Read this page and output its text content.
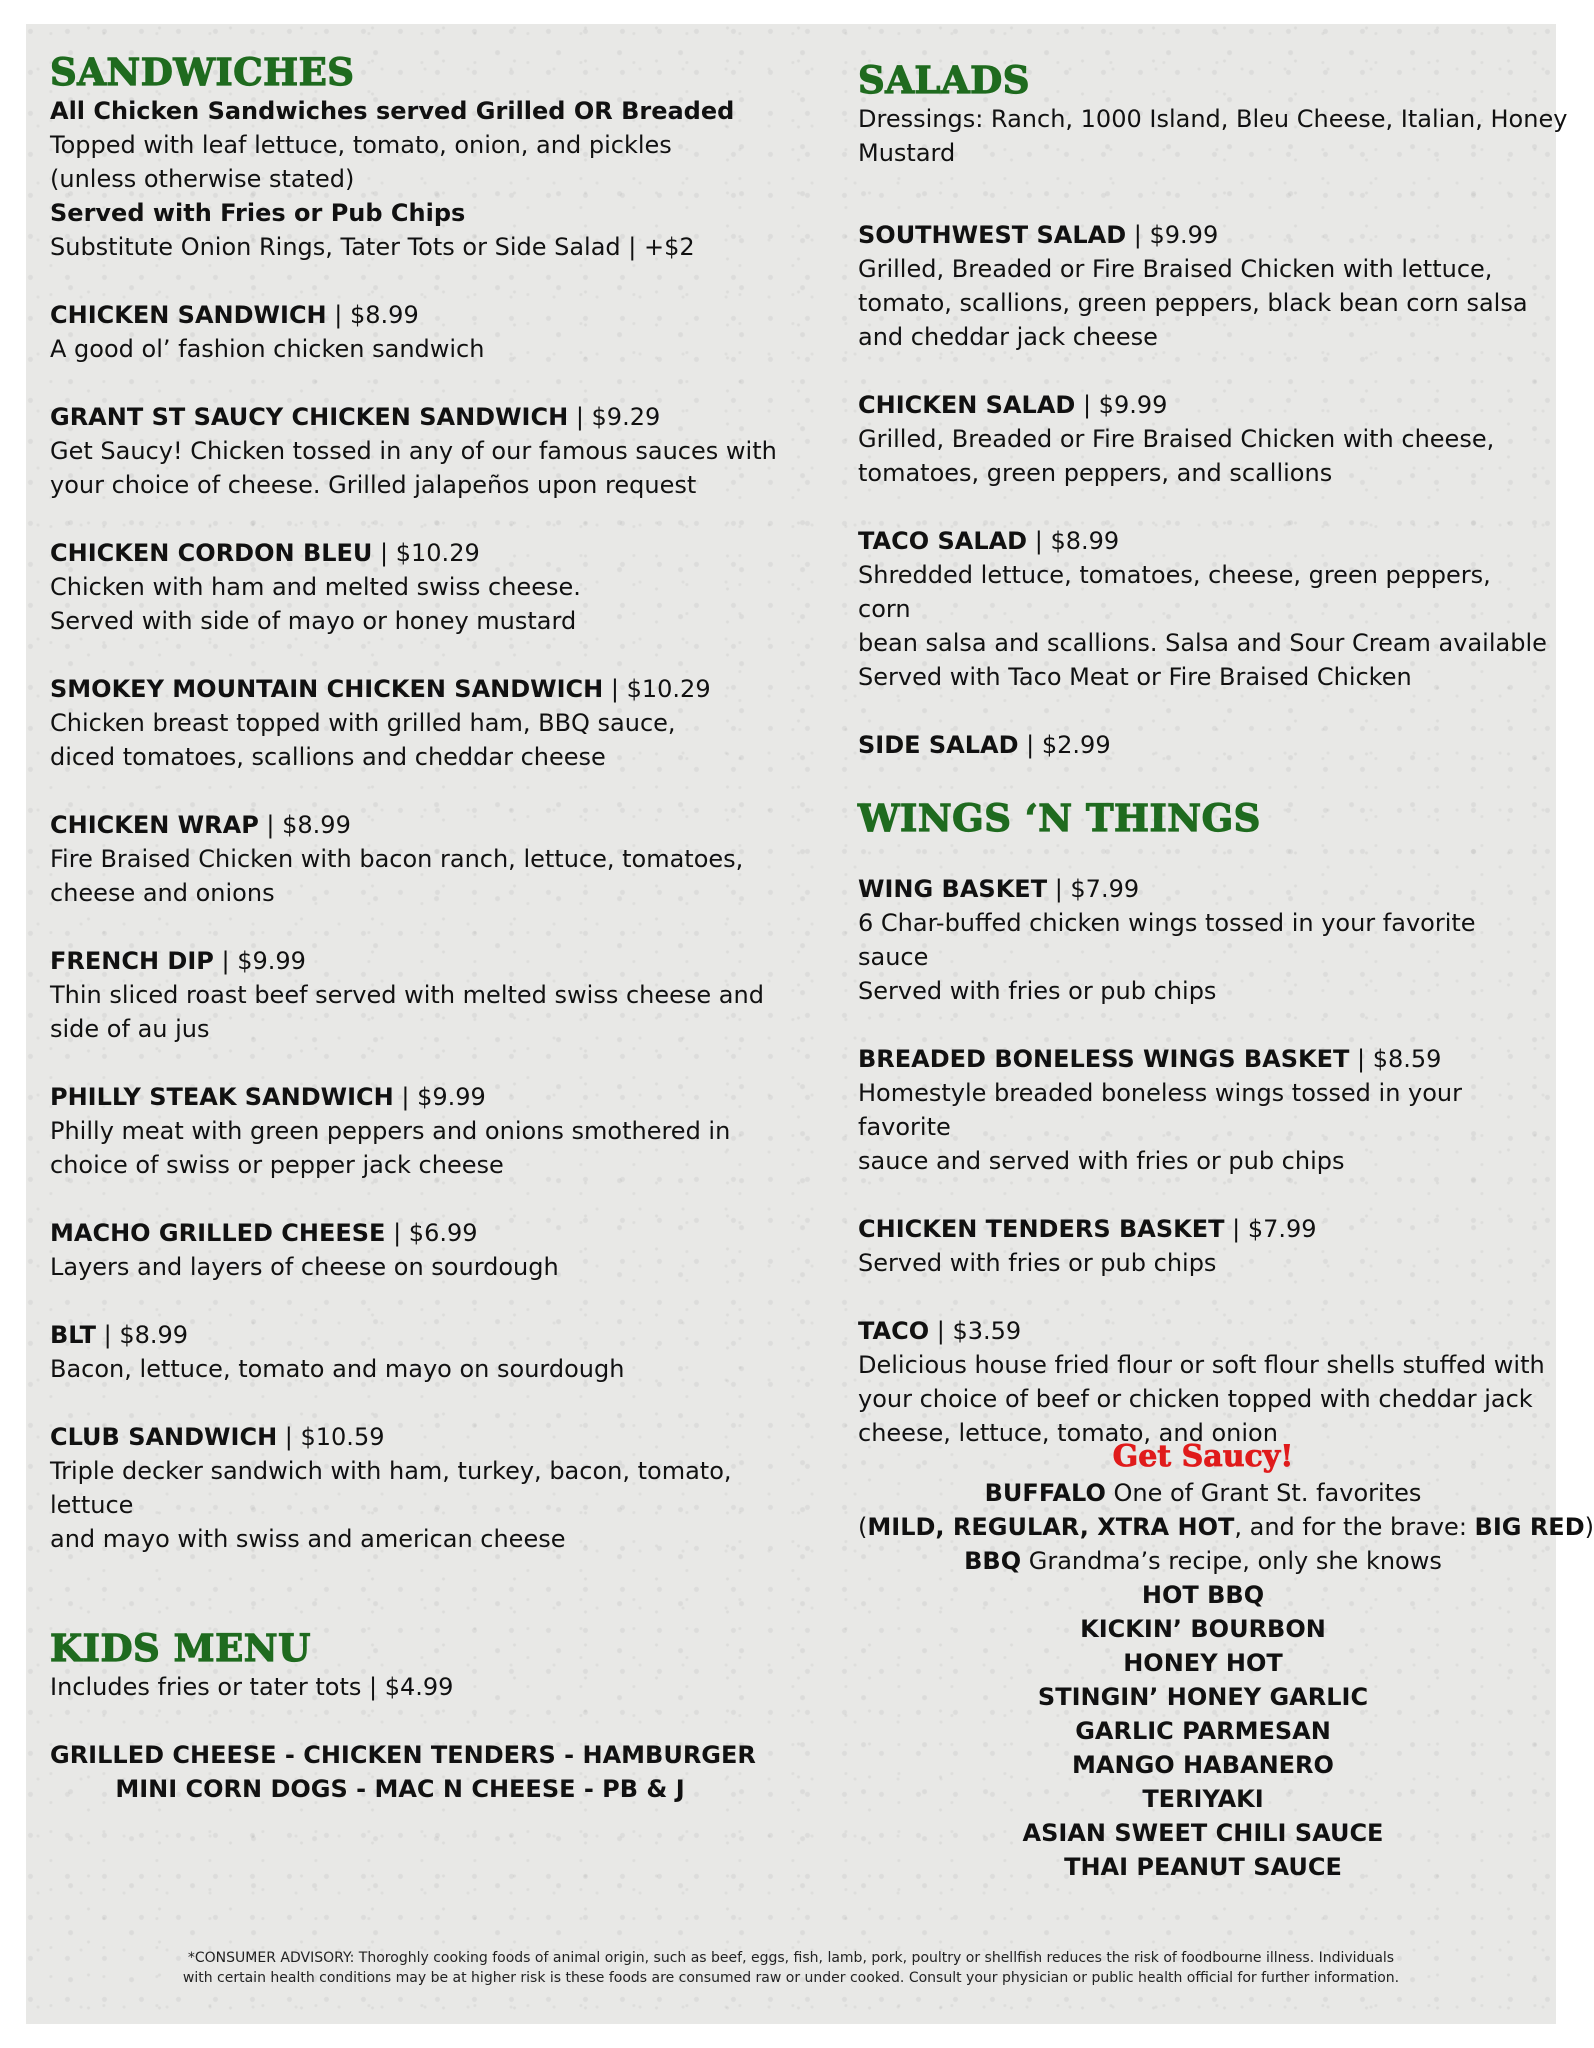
SANDWICHES

All Chicken Sandwiches served Grilled OR Breaded

Topped with leaf lettuce, tomato, onion, and pickles

(unless otherwise stated)

Served with Fries or Pub Chips

Substitute Onion Rings, Tater Tots or Side Salad | +$2

CHICKEN SANDWICH | $8.99

A good ol’ fashion chicken sandwich

GRANT ST SAUCY CHICKEN SANDWICH | $9.29

Get Saucy! Chicken tossed in any of our famous sauces with

your choice of cheese. Grilled jalapeños upon request

CHICKEN CORDON BLEU | $10.29

Chicken with ham and melted swiss cheese.

Served with side of mayo or honey mustard

SMOKEY MOUNTAIN CHICKEN SANDWICH | $10.29

Chicken breast topped with grilled ham, BBQ sauce,

diced tomatoes, scallions and cheddar cheese

CHICKEN WRAP | $8.99

Fire Braised Chicken with bacon ranch, lettuce, tomatoes,

cheese and onions

FRENCH DIP | $9.99

Thin sliced roast beef served with melted swiss cheese and

side of au jus

PHILLY STEAK SANDWICH | $9.99

Philly meat with green peppers and onions smothered in

choice of swiss or pepper jack cheese

MACHO GRILLED CHEESE | $6.99

Layers and layers of cheese on sourdough

BLT | $8.99

Bacon, lettuce, tomato and mayo on sourdough

CLUB SANDWICH | $10.59

Triple decker sandwich with ham, turkey, bacon, tomato, lettuce

and mayo with swiss and american cheese

KIDS MENU

Includes fries or tater tots | $4.99

GRILLED CHEESE - CHICKEN TENDERS - HAMBURGER

MINI CORN DOGS - MAC N CHEESE - PB & J

SALADS

Dressings: Ranch, 1000 Island, Bleu Cheese, Italian, Honey

Mustard

SOUTHWEST SALAD | $9.99

Grilled, Breaded or Fire Braised Chicken with lettuce,

tomato, scallions, green peppers, black bean corn salsa

and cheddar jack cheese

CHICKEN SALAD | $9.99

Grilled, Breaded or Fire Braised Chicken with cheese,

tomatoes, green peppers, and scallions

TACO SALAD | $8.99

Shredded lettuce, tomatoes, cheese, green peppers, corn

bean salsa and scallions. Salsa and Sour Cream available

Served with Taco Meat or Fire Braised Chicken

SIDE SALAD | $2.99

WINGS ‘N THINGS

WING BASKET | $7.99

6 Char-buffed chicken wings tossed in your favorite sauce

Served with fries or pub chips

BREADED BONELESS WINGS BASKET | $8.59

Homestyle breaded boneless wings tossed in your favorite

sauce and served with fries or pub chips

CHICKEN TENDERS BASKET | $7.99

Served with fries or pub chips

TACO | $3.59

Delicious house fried flour or soft flour shells stuffed with

your choice of beef or chicken topped with cheddar jack

cheese, lettuce, tomato, and onion

Get Saucy!

BUFFALO One of Grant St. favorites

(MILD, REGULAR, XTRA HOT, and for the brave: BIG RED)

BBQ Grandma’s recipe, only she knows

HOT BBQ

KICKIN’ BOURBON

HONEY HOT

STINGIN’ HONEY GARLIC

GARLIC PARMESAN

MANGO HABANERO

TERIYAKI

ASIAN SWEET CHILI SAUCE

THAI PEANUT SAUCE

*CONSUMER ADVISORY: Thoroghly cooking foods of animal origin, such as beef, eggs, fish, lamb, pork, poultry or shellfish reduces the risk of foodbourne illness. Individuals
with certain health conditions may be at higher risk is these foods are consumed raw or under cooked. Consult your physician or public health official for further information.
